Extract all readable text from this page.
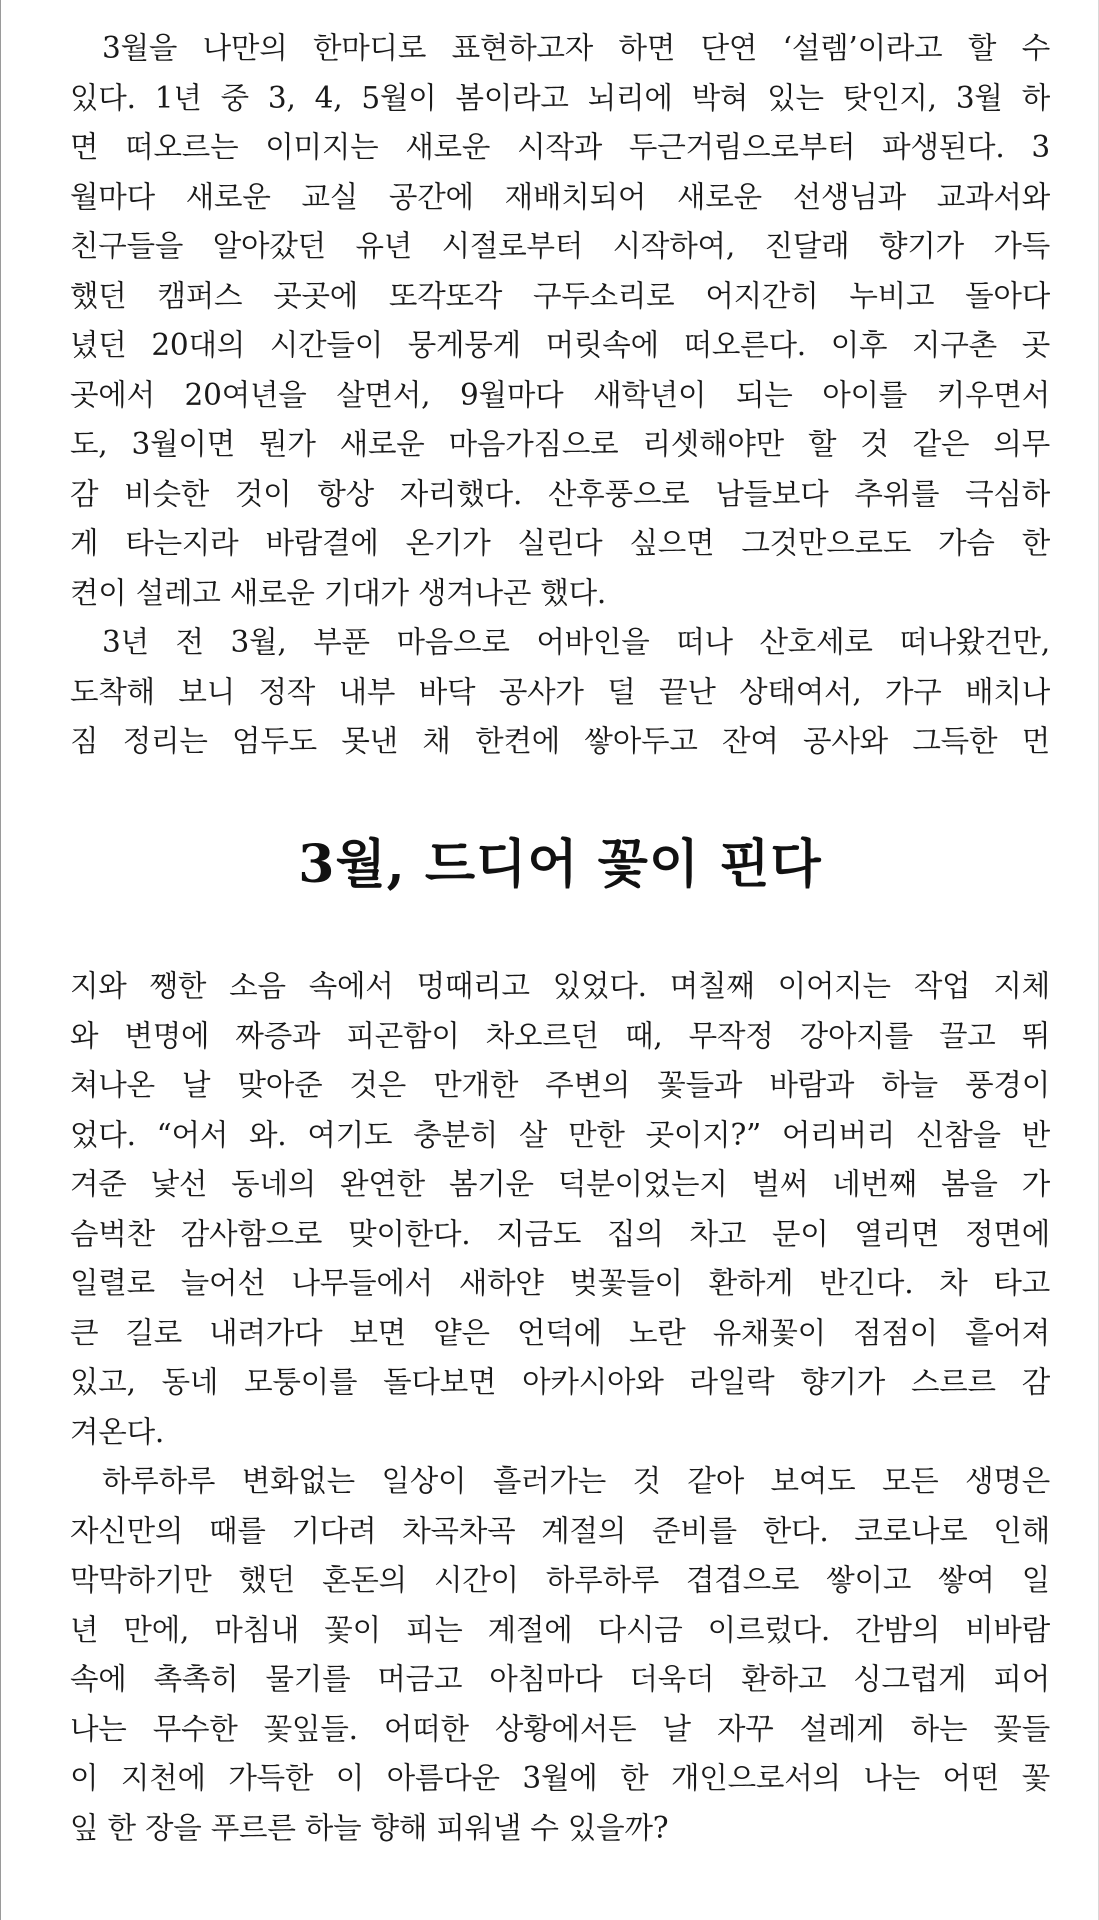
3월을 나만의 한마디로 표현하고자 하면 단연 ‘설렘’이라고 할 수
있다. 1년 중 3, 4, 5월이 봄이라고 뇌리에 박혀 있는 탓인지, 3월 하
면 떠오르는 이미지는 새로운 시작과 두근거림으로부터 파생된다. 3
월마다 새로운 교실 공간에 재배치되어 새로운 선생님과 교과서와
친구들을 알아갔던 유년 시절로부터 시작하여, 진달래 향기가 가득
했던 캠퍼스 곳곳에 또각또각 구두소리로 어지간히 누비고 돌아다
녔던 20대의 시간들이 뭉게뭉게 머릿속에 떠오른다. 이후 지구촌 곳
곳에서 20여년을 살면서, 9월마다 새학년이 되는 아이를 키우면서
도, 3월이면 뭔가 새로운 마음가짐으로 리셋해야만 할 것 같은 의무
감 비슷한 것이 항상 자리했다. 산후풍으로 남들보다 추위를 극심하
게 타는지라 바람결에 온기가 실린다 싶으면 그것만으로도 가슴 한
켠이 설레고 새로운 기대가 생겨나곤 했다.
3년 전 3월, 부푼 마음으로 어바인을 떠나 산호세로 떠나왔건만,
도착해 보니 정작 내부 바닥 공사가 덜 끝난 상태여서, 가구 배치나
짐 정리는 엄두도 못낸 채 한켠에 쌓아두고 잔여 공사와 그득한 먼
3월, 드디어 꽃이 핀다
지와 쨍한 소음 속에서 멍때리고 있었다. 며칠째 이어지는 작업 지체
와 변명에 짜증과 피곤함이 차오르던 때, 무작정 강아지를 끌고 뛰
쳐나온 날 맞아준 것은 만개한 주변의 꽃들과 바람과 하늘 풍경이
었다. “어서 와. 여기도 충분히 살 만한 곳이지?” 어리버리 신참을 반
겨준 낯선 동네의 완연한 봄기운 덕분이었는지 벌써 네번째 봄을 가
슴벅찬 감사함으로 맞이한다. 지금도 집의 차고 문이 열리면 정면에
일렬로 늘어선 나무들에서 새하얀 벚꽃들이 환하게 반긴다. 차 타고
큰 길로 내려가다 보면 얕은 언덕에 노란 유채꽃이 점점이 흩어져
있고, 동네 모퉁이를 돌다보면 아카시아와 라일락 향기가 스르르 감
겨온다.
하루하루 변화없는 일상이 흘러가는 것 같아 보여도 모든 생명은
자신만의 때를 기다려 차곡차곡 계절의 준비를 한다. 코로나로 인해
막막하기만 했던 혼돈의 시간이 하루하루 겹겹으로 쌓이고 쌓여 일
년 만에, 마침내 꽃이 피는 계절에 다시금 이르렀다. 간밤의 비바람
속에 촉촉히 물기를 머금고 아침마다 더욱더 환하고 싱그럽게 피어
나는 무수한 꽃잎들. 어떠한 상황에서든 날 자꾸 설레게 하는 꽃들
이 지천에 가득한 이 아름다운 3월에 한 개인으로서의 나는 어떤 꽃
잎 한 장을 푸르른 하늘 향해 피워낼 수 있을까?
